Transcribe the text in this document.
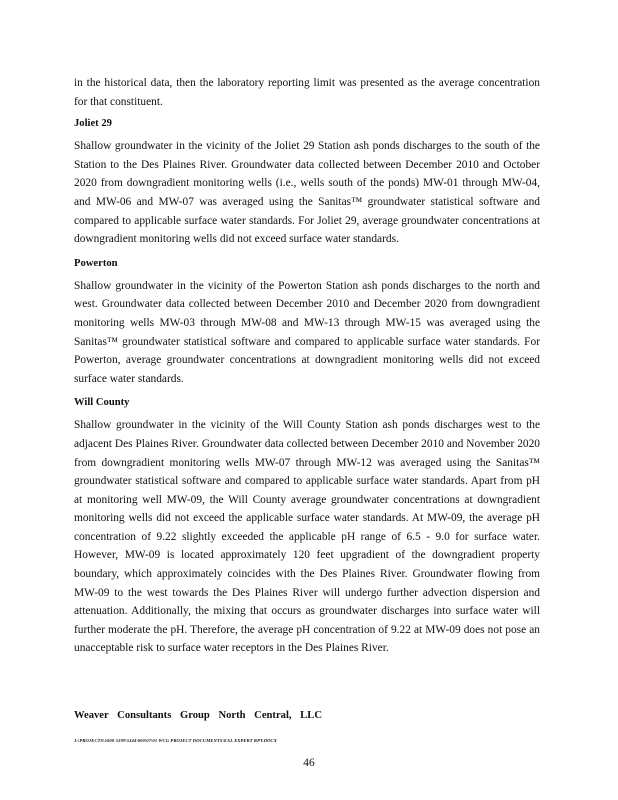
in the historical data, then the laboratory reporting limit was presented as the average concentration for that constituent.

Joliet 29

Shallow groundwater in the vicinity of the Joliet 29 Station ash ponds discharges to the south of the Station to the Des Plaines River. Groundwater data collected between December 2010 and October 2020 from downgradient monitoring wells (i.e., wells south of the ponds) MW-01 through MW-04, and MW-06 and MW-07 was averaged using the Sanitas™ groundwater statistical software and compared to applicable surface water standards. For Joliet 29, average groundwater concentrations at downgradient monitoring wells did not exceed surface water standards.

Powerton

Shallow groundwater in the vicinity of the Powerton Station ash ponds discharges to the north and west. Groundwater data collected between December 2010 and December 2020 from downgradient monitoring wells MW-03 through MW-08 and MW-13 through MW-15 was averaged using the Sanitas™ groundwater statistical software and compared to applicable surface water standards. For Powerton, average groundwater concentrations at downgradient monitoring wells did not exceed surface water standards.

Will County

Shallow groundwater in the vicinity of the Will County Station ash ponds discharges west to the adjacent Des Plaines River. Groundwater data collected between December 2010 and November 2020 from downgradient monitoring wells MW-07 through MW-12 was averaged using the Sanitas™ groundwater statistical software and compared to applicable surface water standards. Apart from pH at monitoring well MW-09, the Will County average groundwater concentrations at downgradient monitoring wells did not exceed the applicable surface water standards. At MW-09, the average pH concentration of 9.22 slightly exceeded the applicable pH range of 6.5 - 9.0 for surface water. However, MW-09 is located approximately 120 feet upgradient of the downgradient property boundary, which approximately coincides with the Des Plaines River. Groundwater flowing from MW-09 to the west towards the Des Plaines River will undergo further advection dispersion and attenuation. Additionally, the mixing that occurs as groundwater discharges into surface water will further moderate the pH. Therefore, the average pH concentration of 9.22 at MW-09 does not pose an unacceptable risk to surface water receptors in the Des Plaines River.

Weaver Consultants Group North Central, LLC

J:\PROJECTS\5000-5399\5344\000\07\01 WCG PROJECT DOCUMENTS\EAL EXPERT RPT.DOCX

46
